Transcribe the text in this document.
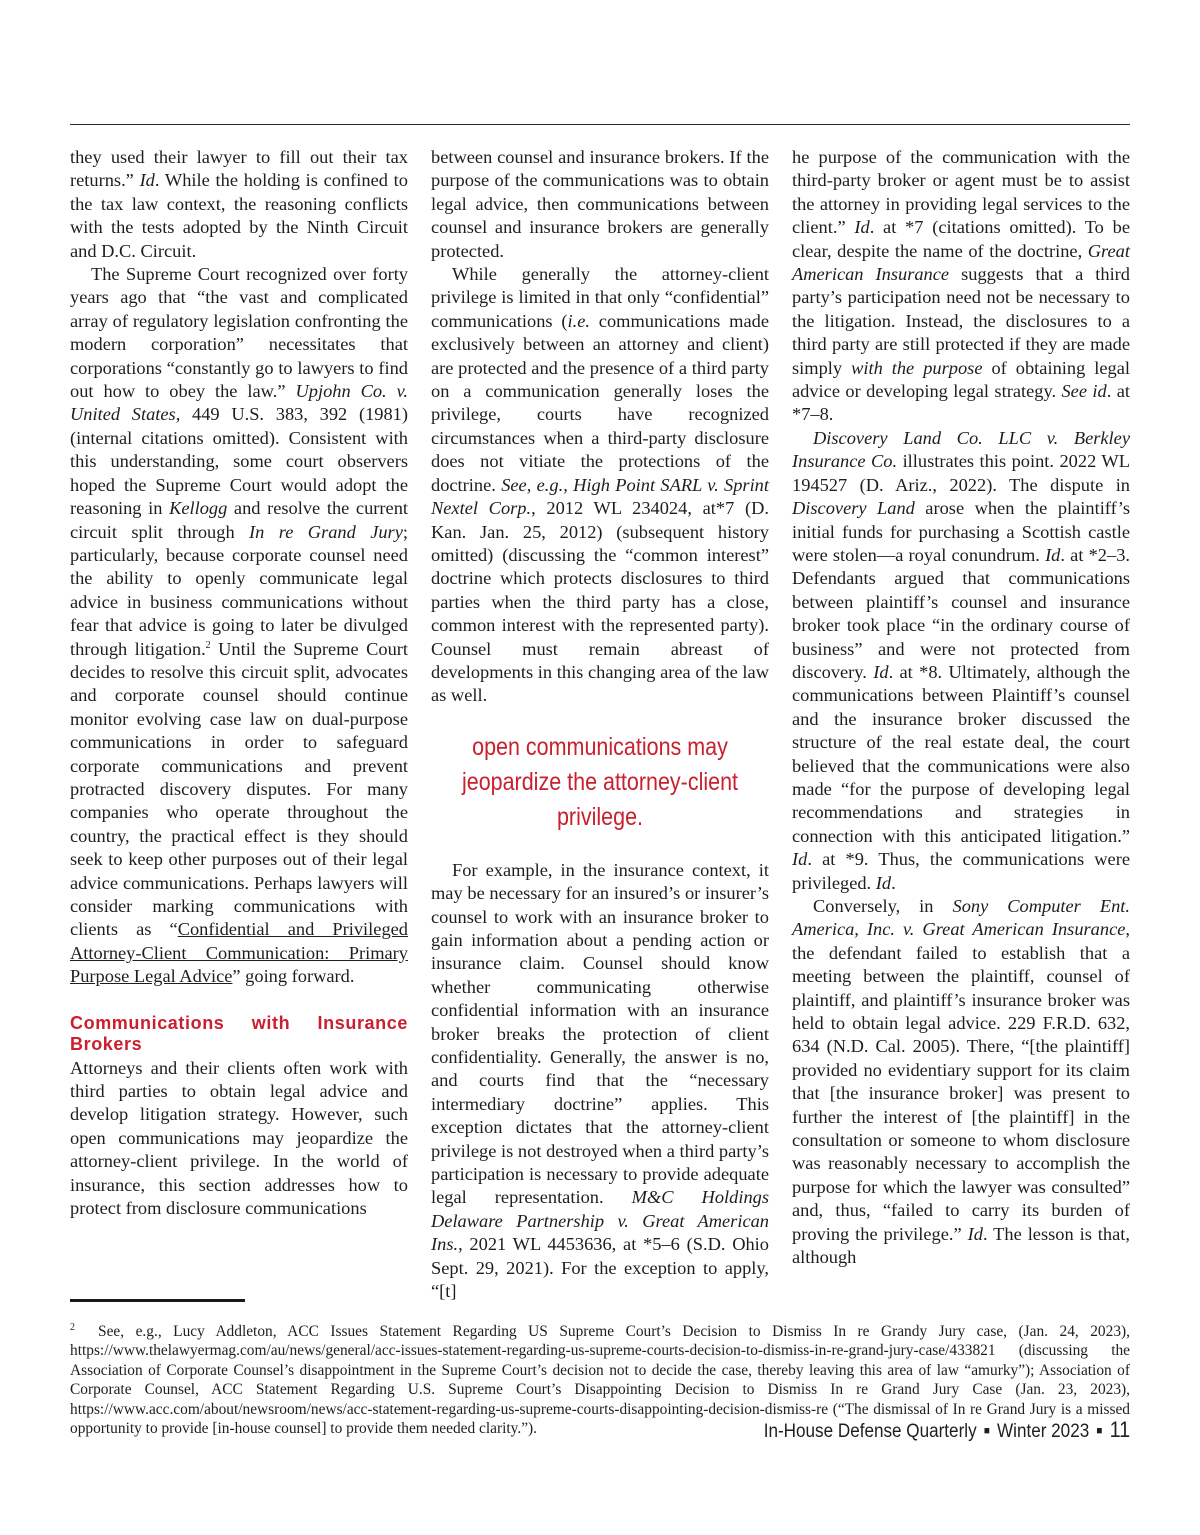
they used their lawyer to fill out their tax returns.” Id. While the holding is confined to the tax law context, the reasoning conflicts with the tests adopted by the Ninth Circuit and D.C. Circuit.

The Supreme Court recognized over forty years ago that “the vast and complicated array of regulatory legislation confronting the modern corporation” necessitates that corporations “constantly go to lawyers to find out how to obey the law.” Upjohn Co. v. United States, 449 U.S. 383, 392 (1981) (internal citations omitted). Consistent with this understanding, some court observers hoped the Supreme Court would adopt the reasoning in Kellogg and resolve the current circuit split through In re Grand Jury; particularly, because corporate counsel need the ability to openly communicate legal advice in business communications without fear that advice is going to later be divulged through litigation.$^2$ Until the Supreme Court decides to resolve this circuit split, advocates and corporate counsel should continue monitor evolving case law on dual-purpose communications in order to safeguard corporate communications and prevent protracted discovery disputes. For many companies who operate throughout the country, the practical effect is they should seek to keep other purposes out of their legal advice communications. Perhaps lawyers will consider marking communications with clients as “Confidential and Privileged Attorney-Client Communication: Primary Purpose Legal Advice” going forward.

Communications with Insurance Brokers

Attorneys and their clients often work with third parties to obtain legal advice and develop litigation strategy. However, such open communications may jeopardize the attorney-client privilege. In the world of insurance, this section addresses how to protect from disclosure communications

between counsel and insurance brokers. If the purpose of the communications was to obtain legal advice, then communications between counsel and insurance brokers are generally protected.

While generally the attorney-client privilege is limited in that only “confidential” communications (i.e. communications made exclusively between an attorney and client) are protected and the presence of a third party on a communication generally loses the privilege, courts have recognized circumstances when a third-party disclosure does not vitiate the protections of the doctrine. See, e.g., High Point SARL v. Sprint Nextel Corp., 2012 WL 234024, at*7 (D. Kan. Jan. 25, 2012) (subsequent history omitted) (discussing the “common interest” doctrine which protects disclosures to third parties when the third party has a close, common interest with the represented party). Counsel must remain abreast of developments in this changing area of the law as well.

open communications may jeopardize the attorney-client privilege.

For example, in the insurance context, it may be necessary for an insured’s or insurer’s counsel to work with an insurance broker to gain information about a pending action or insurance claim. Counsel should know whether communicating otherwise confidential information with an insurance broker breaks the protection of client confidentiality. Generally, the answer is no, and courts find that the “necessary intermediary doctrine” applies. This exception dictates that the attorney-client privilege is not destroyed when a third party’s participation is necessary to provide adequate legal representation. M&C Holdings Delaware Partnership v. Great American Ins., 2021 WL 4453636, at *5–6 (S.D. Ohio Sept. 29, 2021). For the exception to apply, “[t]

he purpose of the communication with the third-party broker or agent must be to assist the attorney in providing legal services to the client.” Id. at *7 (citations omitted). To be clear, despite the name of the doctrine, Great American Insurance suggests that a third party’s participation need not be necessary to the litigation. Instead, the disclosures to a third party are still protected if they are made simply with the purpose of obtaining legal advice or developing legal strategy. See id. at *7–8.

Discovery Land Co. LLC v. Berkley Insurance Co. illustrates this point. 2022 WL 194527 (D. Ariz., 2022). The dispute in Discovery Land arose when the plaintiff’s initial funds for purchasing a Scottish castle were stolen—a royal conundrum. Id. at *2–3. Defendants argued that communications between plaintiff’s counsel and insurance broker took place “in the ordinary course of business” and were not protected from discovery. Id. at *8. Ultimately, although the communications between Plaintiff’s counsel and the insurance broker discussed the structure of the real estate deal, the court believed that the communications were also made “for the purpose of developing legal recommendations and strategies in connection with this anticipated litigation.” Id. at *9. Thus, the communications were privileged. Id.

Conversely, in Sony Computer Ent. America, Inc. v. Great American Insurance, the defendant failed to establish that a meeting between the plaintiff, counsel of plaintiff, and plaintiff’s insurance broker was held to obtain legal advice. 229 F.R.D. 632, 634 (N.D. Cal. 2005). There, “[the plaintiff] provided no evidentiary support for its claim that [the insurance broker] was present to further the interest of [the plaintiff] in the consultation or someone to whom disclosure was reasonably necessary to accomplish the purpose for which the lawyer was consulted” and, thus, “failed to carry its burden of proving the privilege.” Id. The lesson is that, although

$^2$ See, e.g., Lucy Addleton, ACC Issues Statement Regarding US Supreme Court’s Decision to Dismiss In re Grandy Jury case, (Jan. 24, 2023), https://www.thelawyermag.com/au/news/general/acc-issues-statement-regarding-us-supreme-courts-decision-to-dismiss-in-re-grand-jury-case/433821 (discussing the Association of Corporate Counsel’s disappointment in the Supreme Court’s decision not to decide the case, thereby leaving this area of law “amurky”); Association of Corporate Counsel, ACC Statement Regarding U.S. Supreme Court’s Disappointing Decision to Dismiss In re Grand Jury Case (Jan. 23, 2023), https://www.acc.com/about/newsroom/news/acc-statement-regarding-us-supreme-courts-disappointing-decision-dismiss-re (“The dismissal of In re Grand Jury is a missed opportunity to provide [in-house counsel] to provide them needed clarity.”).	In-House Defense Quarterly ■ Winter 2023 ■ 11
